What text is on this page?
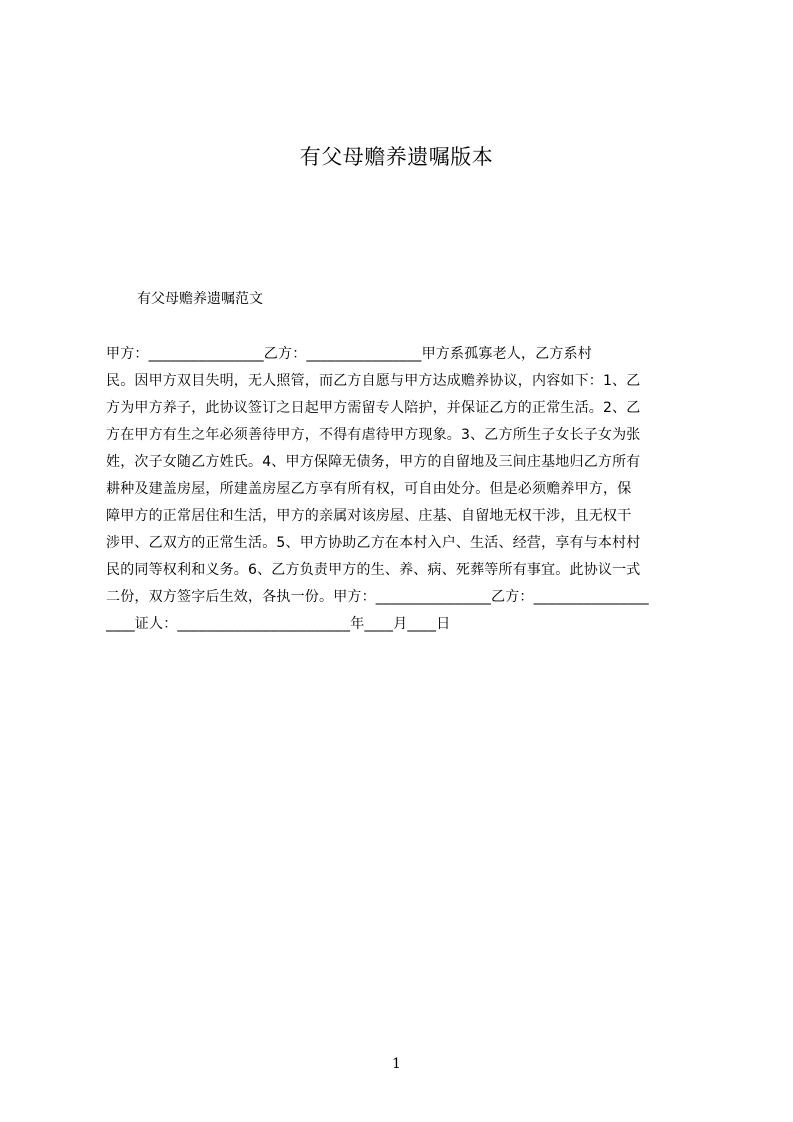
有父母赡养遗嘱版本
有父母赡养遗嘱范文
甲方：________________乙方：________________甲方系孤寡老人，乙方系村
民。因甲方双目失明，无人照管，而乙方自愿与甲方达成赡养协议，内容如下：1、乙
方为甲方养子，此协议签订之日起甲方需留专人陪护，并保证乙方的正常生活。2、乙
方在甲方有生之年必须善待甲方，不得有虐待甲方现象。3、乙方所生子女长子女为张
姓，次子女随乙方姓氏。4、甲方保障无债务，甲方的自留地及三间庄基地归乙方所有
耕种及建盖房屋，所建盖房屋乙方享有所有权，可自由处分。但是必须赡养甲方，保
障甲方的正常居住和生活，甲方的亲属对该房屋、庄基、自留地无权干涉，且无权干
涉甲、乙双方的正常生活。5、甲方协助乙方在本村入户、生活、经营，享有与本村村
民的同等权利和义务。6、乙方负责甲方的生、养、病、死葬等所有事宜。此协议一式
二份，双方签字后生效，各执一份。甲方：________________乙方：________________
____证人：________________________年____月____日
1
